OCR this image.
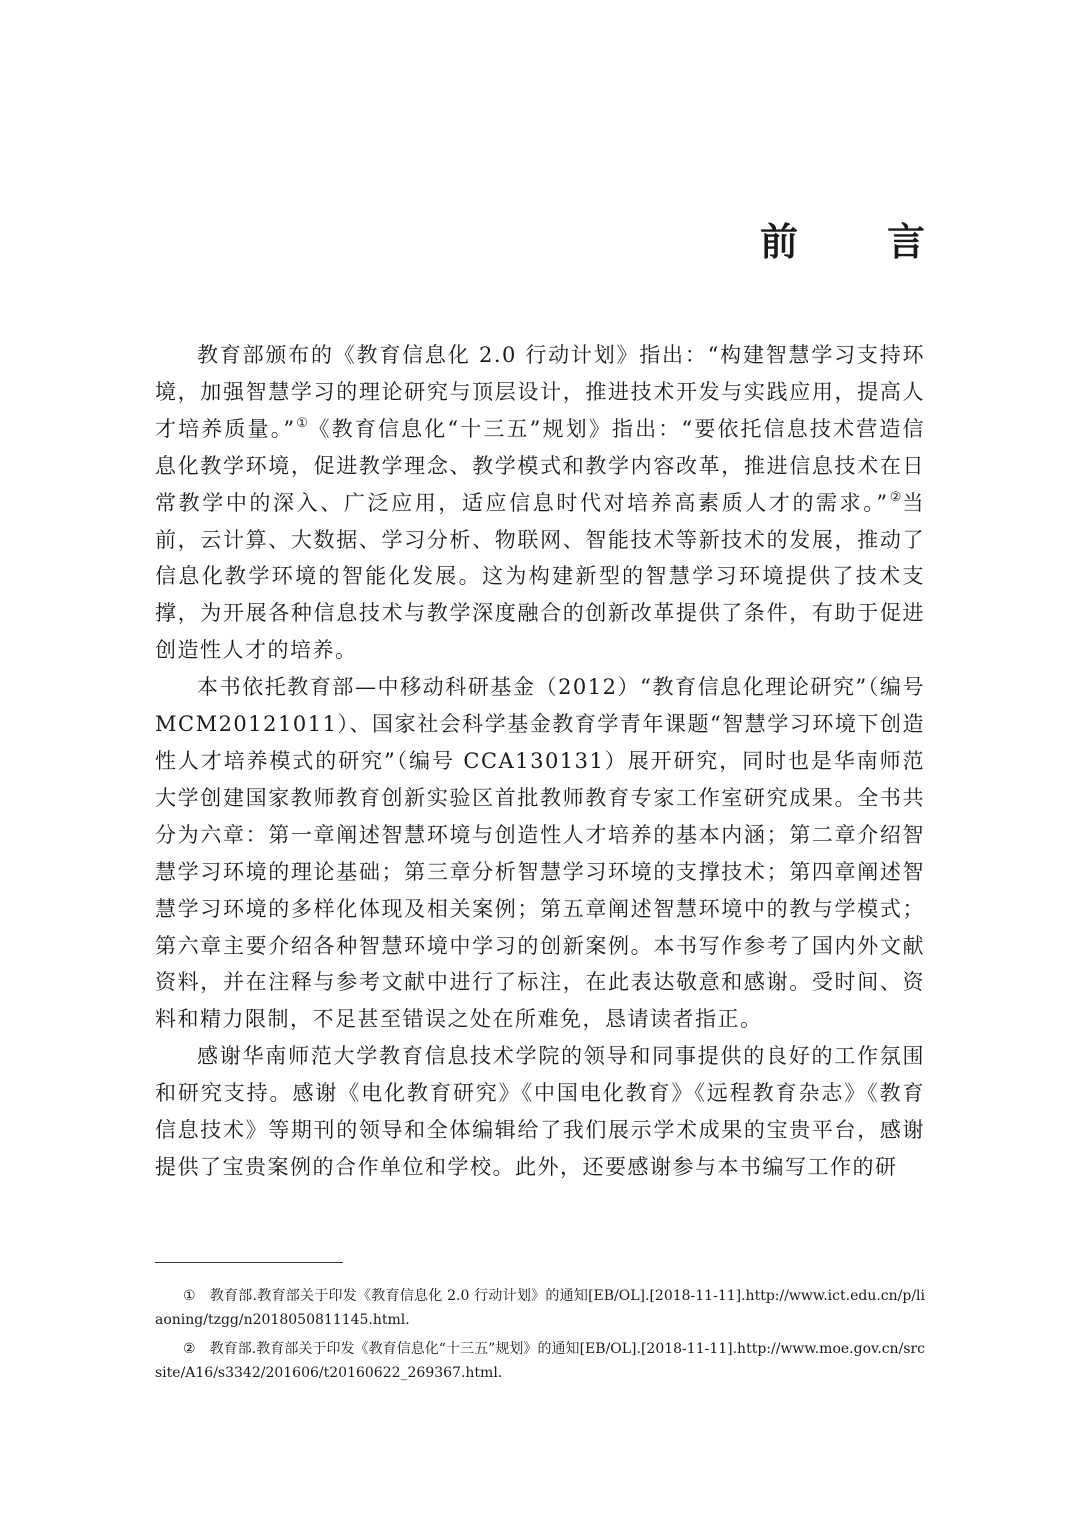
前　言

教育部颁布的《教育信息化 2.0 行动计划》指出：“构建智慧学习支持环境，加强智慧学习的理论研究与顶层设计，推进技术开发与实践应用，提高人才培养质量。”①《教育信息化“十三五”规划》指出：“要依托信息技术营造信息化教学环境，促进教学理念、教学模式和教学内容改革，推进信息技术在日常教学中的深入、广泛应用，适应信息时代对培养高素质人才的需求。”②当前，云计算、大数据、学习分析、物联网、智能技术等新技术的发展，推动了信息化教学环境的智能化发展。这为构建新型的智慧学习环境提供了技术支撑，为开展各种信息技术与教学深度融合的创新改革提供了条件，有助于促进创造性人才的培养。

本书依托教育部—中移动科研基金（2012）“教育信息化理论研究”（编号 MCM20121011）、国家社会科学基金教育学青年课题“智慧学习环境下创造性人才培养模式的研究”（编号 CCA130131）展开研究，同时也是华南师范大学创建国家教师教育创新实验区首批教师教育专家工作室研究成果。全书共分为六章：第一章阐述智慧环境与创造性人才培养的基本内涵；第二章介绍智慧学习环境的理论基础；第三章分析智慧学习环境的支撑技术；第四章阐述智慧学习环境的多样化体现及相关案例；第五章阐述智慧环境中的教与学模式；第六章主要介绍各种智慧环境中学习的创新案例。本书写作参考了国内外文献资料，并在注释与参考文献中进行了标注，在此表达敬意和感谢。受时间、资料和精力限制，不足甚至错误之处在所难免，恳请读者指正。

感谢华南师范大学教育信息技术学院的领导和同事提供的良好的工作氛围和研究支持。感谢《电化教育研究》《中国电化教育》《远程教育杂志》《教育信息技术》等期刊的领导和全体编辑给了我们展示学术成果的宝贵平台，感谢提供了宝贵案例的合作单位和学校。此外，还要感谢参与本书编写工作的研

① 教育部.教育部关于印发《教育信息化 2.0 行动计划》的通知[EB/OL].[2018-11-11].http://www.ict.edu.cn/p/liaoning/tzgg/n2018050811145.html.

② 教育部.教育部关于印发《教育信息化“十三五”规划》的通知[EB/OL].[2018-11-11].http://www.moe.gov.cn/srcsite/A16/s3342/201606/t20160622_269367.html.
